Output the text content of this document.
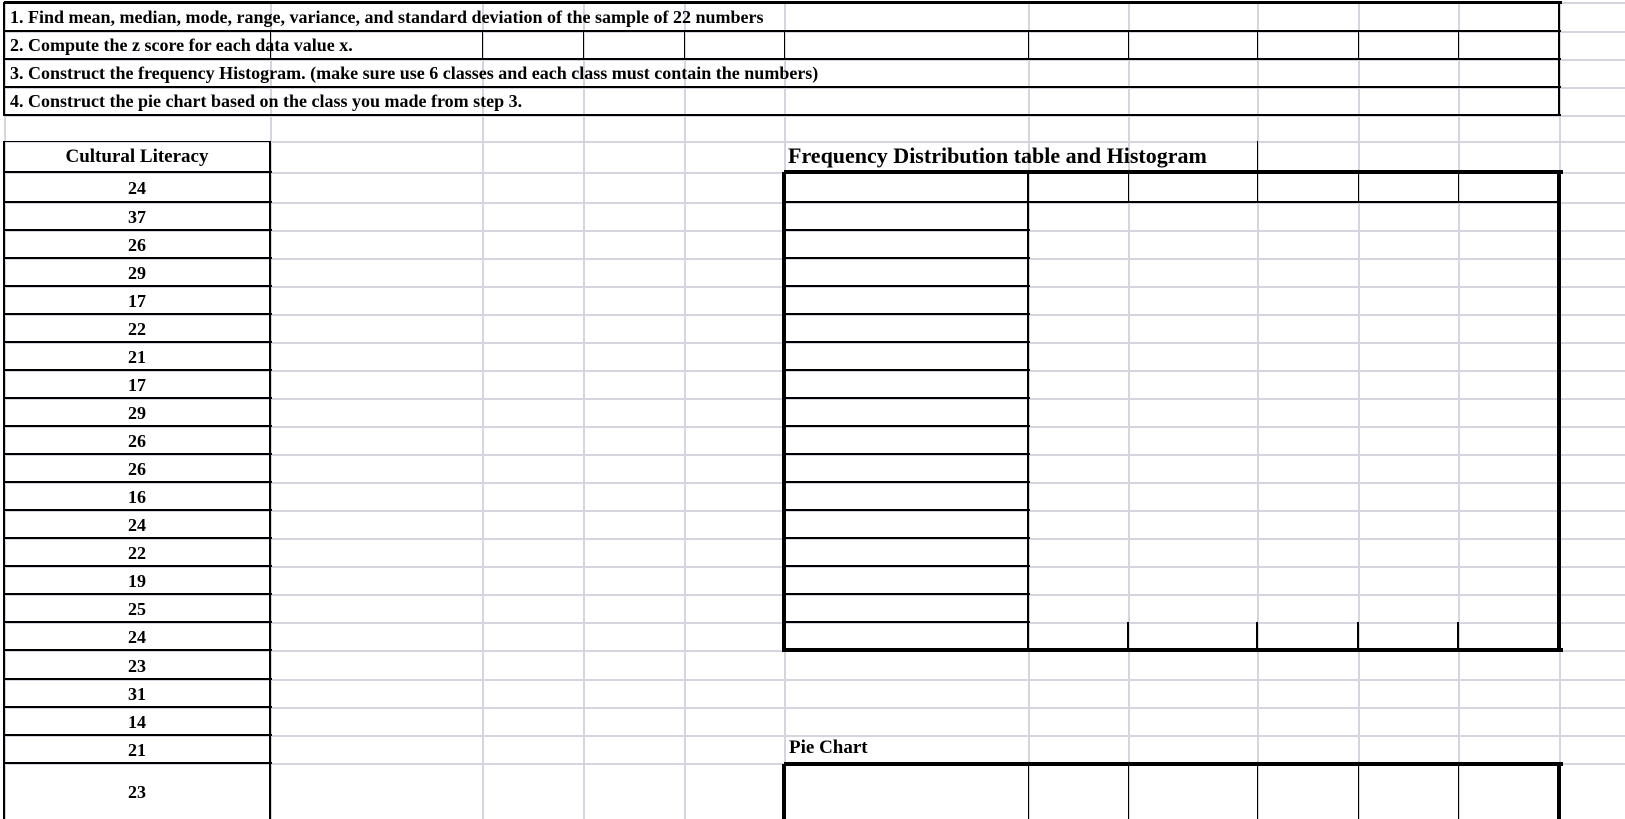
1. Find mean, median, mode, range, variance, and standard deviation of the sample of 22 numbers
2. Compute the z score for each data value x.
3. Construct the frequency Histogram. (make sure use 6 classes and each class must contain the numbers)
4. Construct the pie chart based on the class you made from step 3.
Cultural Literacy	Frequency Distribution table and Histogram
Pie Chart
24
37
26
29
17
22
21
17
29
26
26
16
24
22
19
25
24
23
31
14
21
23
